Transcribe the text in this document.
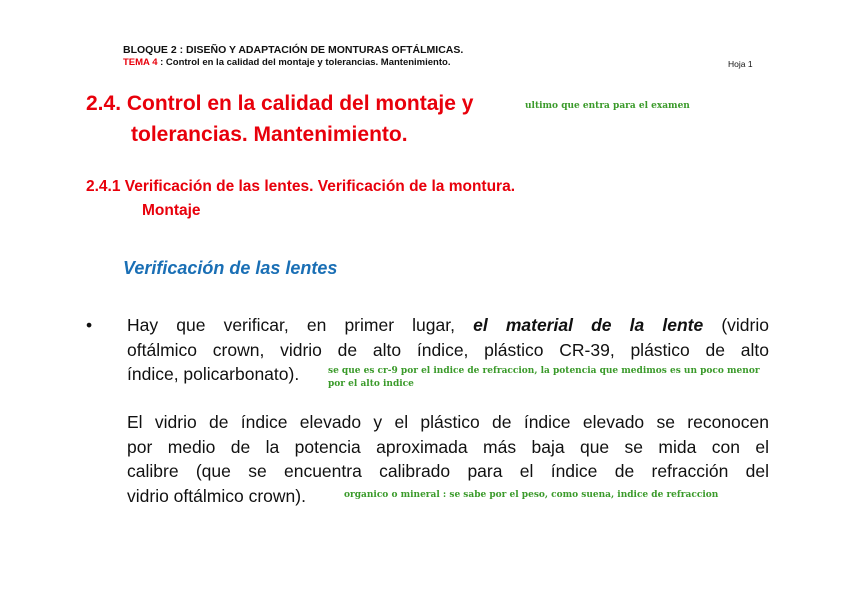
BLOQUE 2 : DISEÑO Y ADAPTACIÓN DE MONTURAS OFTÁLMICAS.
TEMA 4 : Control en la calidad del montaje y tolerancias. Mantenimiento.	Hoja 1
2.4. Control en la calidad del montaje y	ultimo que entra para el examen
tolerancias. Mantenimiento.
2.4.1 Verificación de las lentes. Verificación de la montura.
Montaje
Verificación de las lentes
• Hay que verificar, en primer lugar, el material de la lente (vidrio
oftálmico crown, vidrio de alto índice, plástico CR-39, plástico de alto
índice, policarbonato).	se que es cr-9 por el indice de refraccion, la potencia que medimos es un poco menor
por el alto indice
El vidrio de índice elevado y el plástico de índice elevado se reconocen
por medio de la potencia aproximada más baja que se mida con el
calibre (que se encuentra calibrado para el índice de refracción del
vidrio oftálmico crown).	organico o mineral : se sabe por el peso, como suena, indice de refraccion
